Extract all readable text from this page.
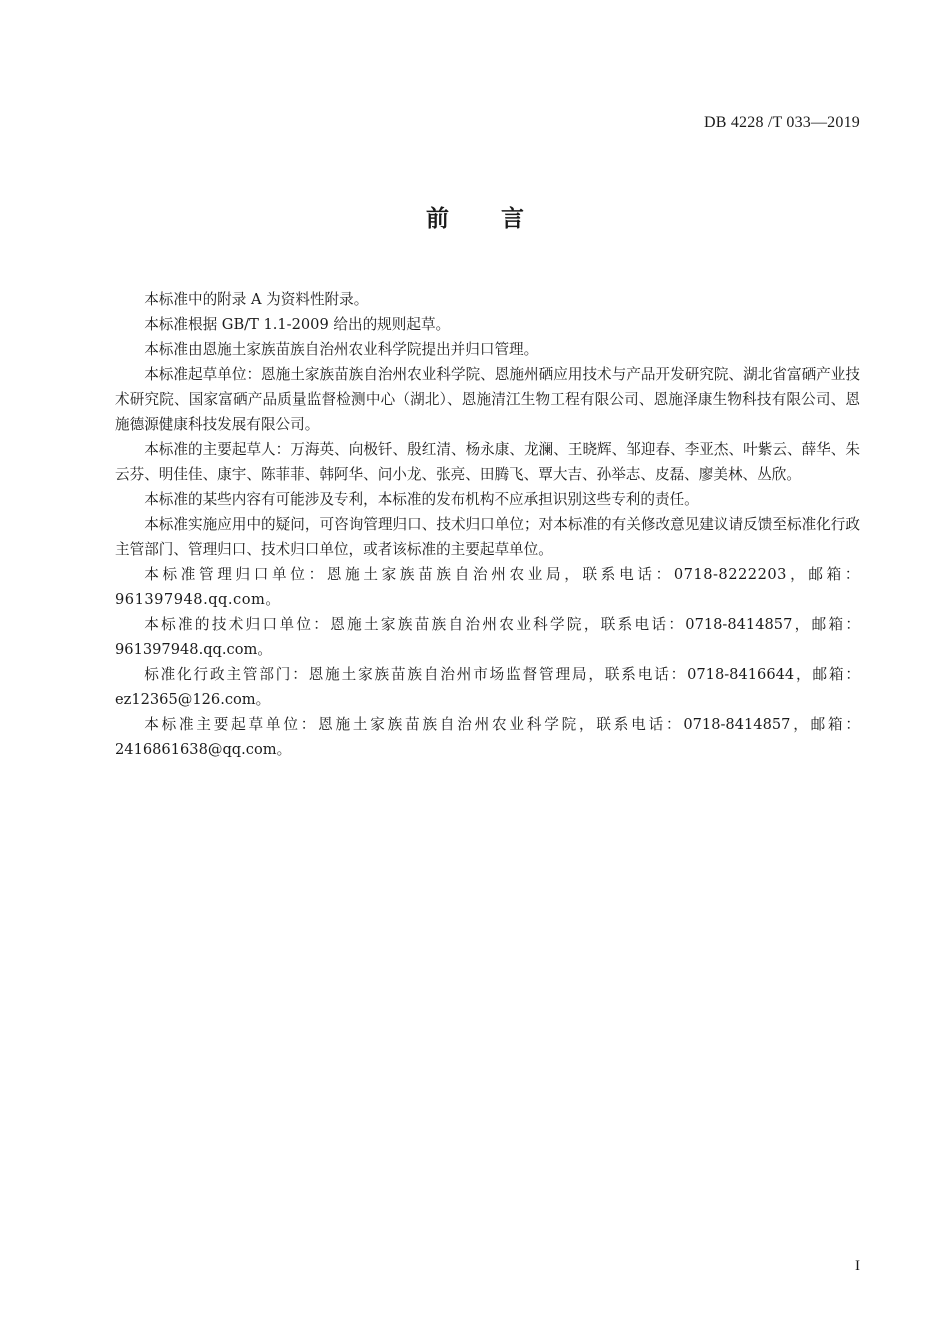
DB 4228 /T 033—2019
前 言

本标准中的附录 A 为资料性附录。

本标准根据 GB/T 1.1-2009 给出的规则起草。

本标准由恩施土家族苗族自治州农业科学院提出并归口管理。

本标准起草单位：恩施土家族苗族自治州农业科学院、恩施州硒应用技术与产品开发研究院、湖北省富硒产业技术研究院、国家富硒产品质量监督检测中心（湖北）、恩施清江生物工程有限公司、恩施泽康生物科技有限公司、恩施德源健康科技发展有限公司。

本标准的主要起草人：万海英、向极钎、殷红清、杨永康、龙澜、王晓辉、邹迎春、李亚杰、叶紫云、薛华、朱云芬、明佳佳、康宇、陈菲菲、韩阿华、问小龙、张亮、田腾飞、覃大吉、孙举志、皮磊、廖美林、丛欣。

本标准的某些内容有可能涉及专利，本标准的发布机构不应承担识别这些专利的责任。

本标准实施应用中的疑问，可咨询管理归口、技术归口单位；对本标准的有关修改意见建议请反馈至标准化行政主管部门、管理归口、技术归口单位，或者该标准的主要起草单位。

本标准管理归口单位：恩施土家族苗族自治州农业局，联系电话：0718-8222203，邮箱：961397948.qq.com。

本标准的技术归口单位：恩施土家族苗族自治州农业科学院，联系电话：0718-8414857，邮箱：961397948.qq.com。

标准化行政主管部门：恩施土家族苗族自治州市场监督管理局，联系电话：0718-8416644，邮箱：ez12365@126.com。

本标准主要起草单位：恩施土家族苗族自治州农业科学院，联系电话：0718-8414857，邮箱：2416861638@qq.com。

I
